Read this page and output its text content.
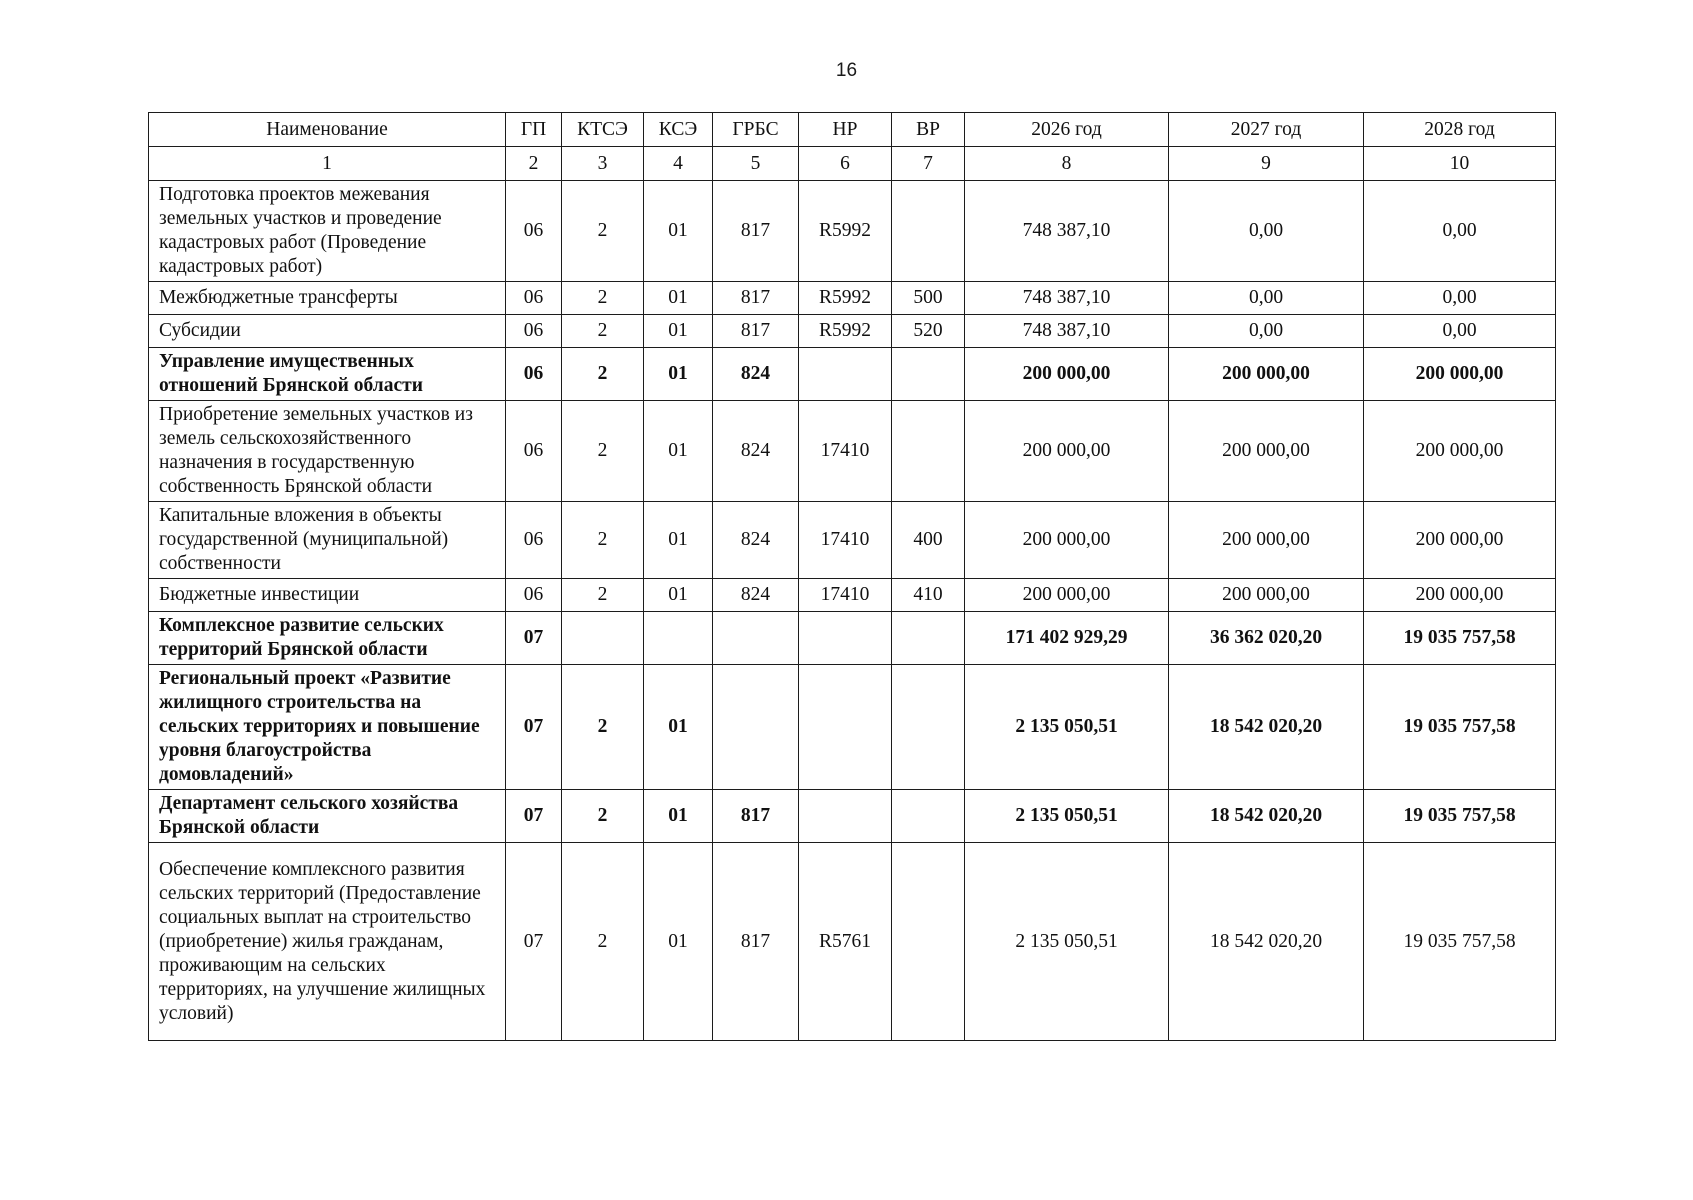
16
Наименование	ГП	КТСЭ	КСЭ	ГРБС	НР	ВР	2026 год	2027 год	2028 год
1	2	3	4	5	6	7	8	9	10
Подготовка проектов межевания земельных участков и проведение кадастровых работ (Проведение кадастровых работ)	06	2	01	817	R5992		748 387,10	0,00	0,00
Межбюджетные трансферты	06	2	01	817	R5992	500	748 387,10	0,00	0,00
Субсидии	06	2	01	817	R5992	520	748 387,10	0,00	0,00
Управление имущественных отношений Брянской области	06	2	01	824			200 000,00	200 000,00	200 000,00
Приобретение земельных участков из земель сельскохозяйственного назначения в государственную собственность Брянской области	06	2	01	824	17410		200 000,00	200 000,00	200 000,00
Капитальные вложения в объекты государственной (муниципальной) собственности	06	2	01	824	17410	400	200 000,00	200 000,00	200 000,00
Бюджетные инвестиции	06	2	01	824	17410	410	200 000,00	200 000,00	200 000,00
Комплексное развитие сельских территорий Брянской области	07						171 402 929,29	36 362 020,20	19 035 757,58
Региональный проект «Развитие жилищного строительства на сельских территориях и повышение уровня благоустройства домовладений»	07	2	01				2 135 050,51	18 542 020,20	19 035 757,58
Департамент сельского хозяйства Брянской области	07	2	01	817			2 135 050,51	18 542 020,20	19 035 757,58
Обеспечение комплексного развития сельских территорий (Предоставление социальных выплат на строительство (приобретение) жилья гражданам, проживающим на сельских территориях, на улучшение жилищных условий)	07	2	01	817	R5761		2 135 050,51	18 542 020,20	19 035 757,58
